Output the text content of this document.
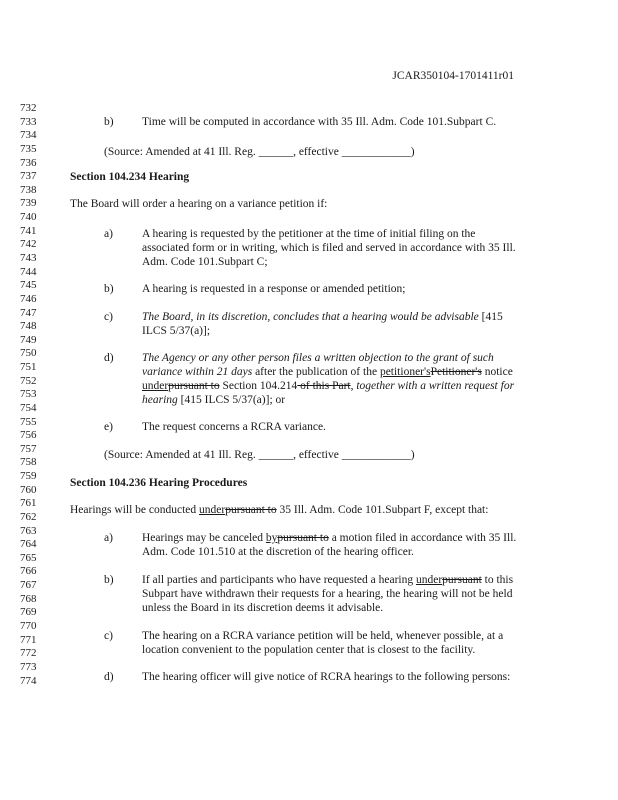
JCAR350104-1701411r01
732
733
734
735
736
737
738
739
740
741
742
743
744
745
746
747
748
749
750
751
752
753
754
755
756
757
758
759
760
761
762
763
764
765
766
767
768
769
770
771
772
773
774
b) Time will be computed in accordance with 35 Ill. Adm. Code 101.Subpart C.
(Source: Amended at 41 Ill. Reg. ______, effective ____________)
Section 104.234 Hearing
The Board will order a hearing on a variance petition if:
a)	A hearing is requested by the petitioner at the time of initial filing on the
associated form or in writing, which is filed and served in accordance with 35 Ill.
Adm. Code 101.Subpart C;
b) A hearing is requested in a response or amended petition;
c)	The Board, in its discretion, concludes that a hearing would be advisable [415
ILCS 5/37(a)];
d) The Agency or any other person files a written objection to the grant of such
variance within 21 days after the publication of the petitioner'sPetitioner's notice
underpursuant to Section 104.214 of this Part, together with a written request for
hearing [415 ILCS 5/37(a)]; or
e)	The request concerns a RCRA variance.
(Source: Amended at 41 Ill. Reg. ______, effective ____________)
Section 104.236 Hearing Procedures
Hearings will be conducted underpursuant to 35 Ill. Adm. Code 101.Subpart F, except that:
a)	Hearings may be canceled bypursuant to a motion filed in accordance with 35 Ill.
Adm. Code 101.510 at the discretion of the hearing officer.
b) If all parties and participants who have requested a hearing underpursuant to this
Subpart have withdrawn their requests for a hearing, the hearing will not be held
unless the Board in its discretion deems it advisable.
c)	The hearing on a RCRA variance petition will be held, whenever possible, at a
location convenient to the population center that is closest to the facility.
d) The hearing officer will give notice of RCRA hearings to the following persons:
